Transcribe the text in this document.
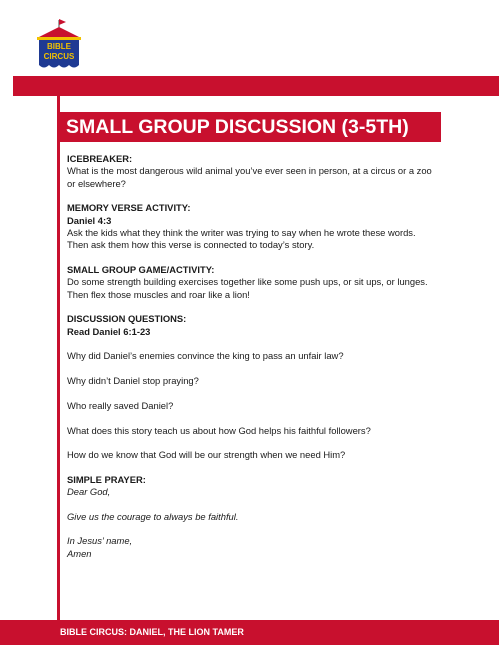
BIBLE
CIRCUS
SMALL GROUP DISCUSSION (3-5TH)
ICEBREAKER:
What is the most dangerous wild animal you’ve ever seen in person, at a circus or a zoo or elsewhere?
MEMORY VERSE ACTIVITY:
Daniel 4:3
Ask the kids what they think the writer was trying to say when he wrote these words. Then ask them how this verse is connected to today’s story.
SMALL GROUP GAME/ACTIVITY:
Do some strength building exercises together like some push ups, or sit ups, or lunges. Then flex those muscles and roar like a lion!
DISCUSSION QUESTIONS:
Read Daniel 6:1-23
Why did Daniel’s enemies convince the king to pass an unfair law?
Why didn’t Daniel stop praying?
Who really saved Daniel?
What does this story teach us about how God helps his faithful followers?
How do we know that God will be our strength when we need Him?
SIMPLE PRAYER:

Dear God,

Give us the courage to always be faithful.

In Jesus’ name,

Amen

BIBLE CIRCUS: DANIEL, THE LION TAMER
